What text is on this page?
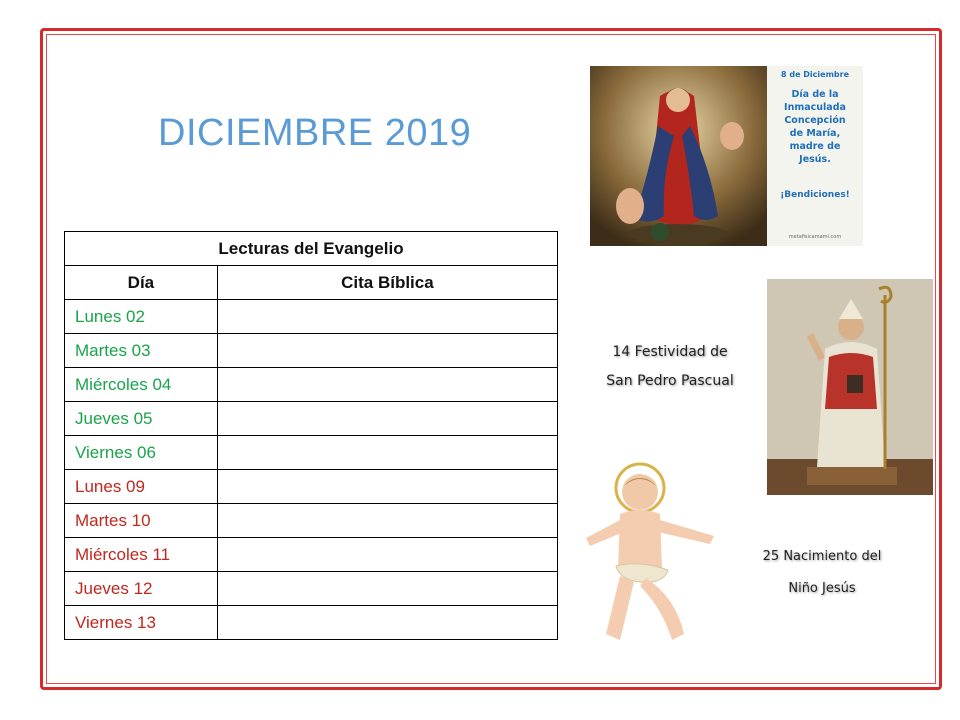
DICIEMBRE 2019
Lecturas del Evangelio	
Día	Cita Bíblica
Lunes 02	
Martes 03	
Miércoles 04	
Jueves 05	
Viernes 06	
Lunes 09	
Martes 10	
Miércoles 11	
Jueves 12	
Viernes 13	
8 de Diciembre
Día de la
Inmaculada
Concepción
de María,
madre de
Jesús.
¡Bendiciones!
metafisicamami.com
14 Festividad de
San Pedro Pascual
25 Nacimiento del
Niño Jesús
